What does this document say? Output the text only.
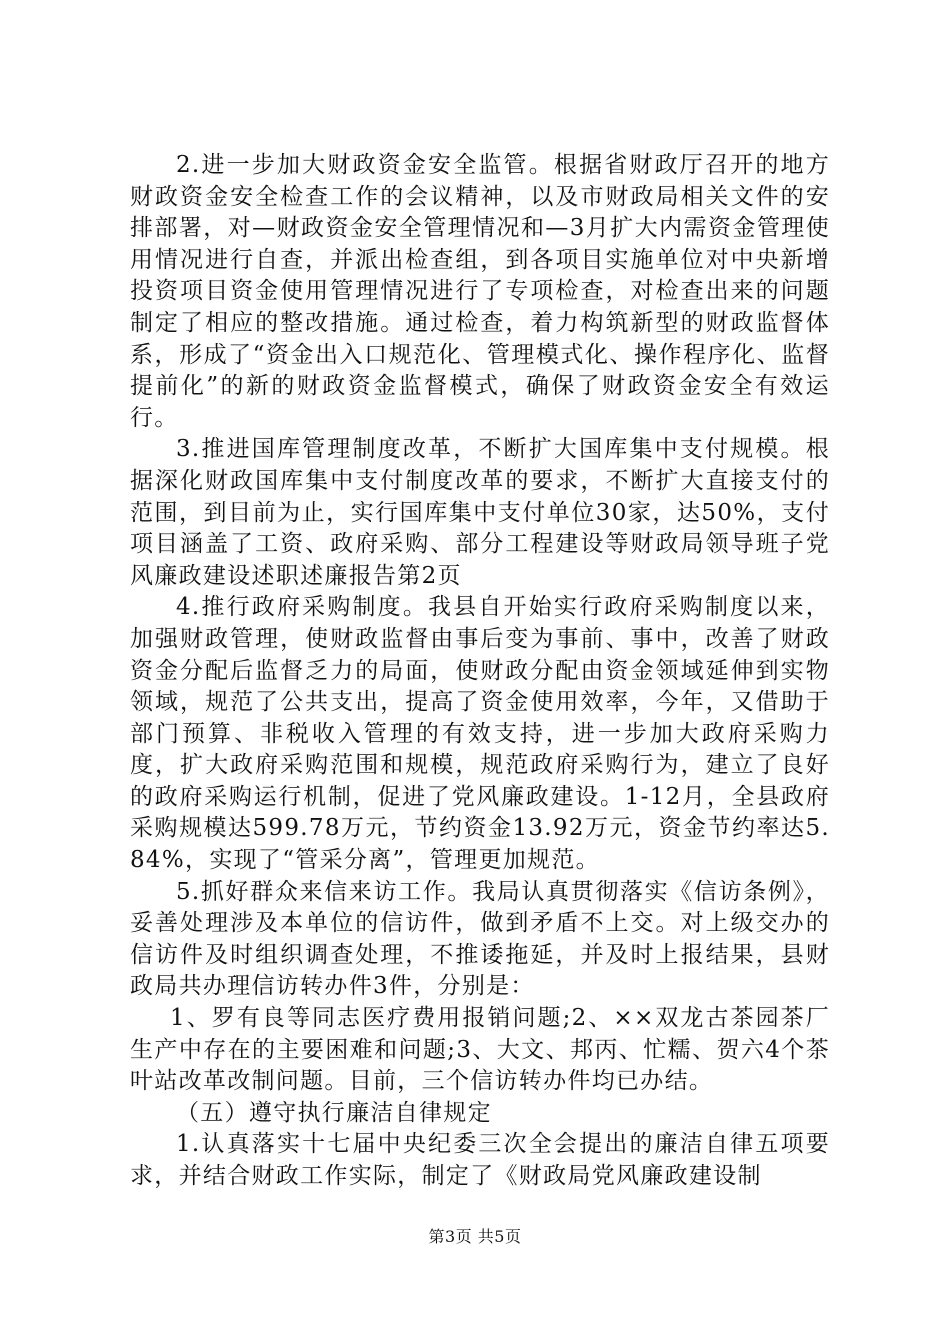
2.进一步加大财政资金安全监管。根据省财政厅召开的地方财政资金安全检查工作的会议精神，以及市财政局相关文件的安排部署，对—财政资金安全管理情况和—3月扩大内需资金管理使用情况进行自查，并派出检查组，到各项目实施单位对中央新增投资项目资金使用管理情况进行了专项检查，对检查出来的问题制定了相应的整改措施。通过检查，着力构筑新型的财政监督体系，形成了“资金出入口规范化、管理模式化、操作程序化、监督提前化”的新的财政资金监督模式，确保了财政资金安全有效运行。

3.推进国库管理制度改革，不断扩大国库集中支付规模。根据深化财政国库集中支付制度改革的要求，不断扩大直接支付的范围，到目前为止，实行国库集中支付单位30家，达50%，支付项目涵盖了工资、政府采购、部分工程建设等财政局领导班子党风廉政建设述职述廉报告第2页

4.推行政府采购制度。我县自开始实行政府采购制度以来，加强财政管理，使财政监督由事后变为事前、事中，改善了财政资金分配后监督乏力的局面，使财政分配由资金领域延伸到实物领域，规范了公共支出，提高了资金使用效率，今年，又借助于部门预算、非税收入管理的有效支持，进一步加大政府采购力度，扩大政府采购范围和规模，规范政府采购行为，建立了良好的政府采购运行机制，促进了党风廉政建设。1-12月，全县政府采购规模达599.78万元，节约资金13.92万元，资金节约率达5.84%，实现了“管采分离”，管理更加规范。

5.抓好群众来信来访工作。我局认真贯彻落实《信访条例》，妥善处理涉及本单位的信访件，做到矛盾不上交。对上级交办的信访件及时组织调查处理，不推诿拖延，并及时上报结果，县财政局共办理信访转办件3件，分别是：

1、罗有良等同志医疗费用报销问题;2、××双龙古茶园茶厂生产中存在的主要困难和问题;3、大文、邦丙、忙糯、贺六4个茶叶站改革改制问题。目前，三个信访转办件均已办结。

（五）遵守执行廉洁自律规定

1.认真落实十七届中央纪委三次全会提出的廉洁自律五项要求，并结合财政工作实际，制定了《财政局党风廉政建设制

第3页 共5页
